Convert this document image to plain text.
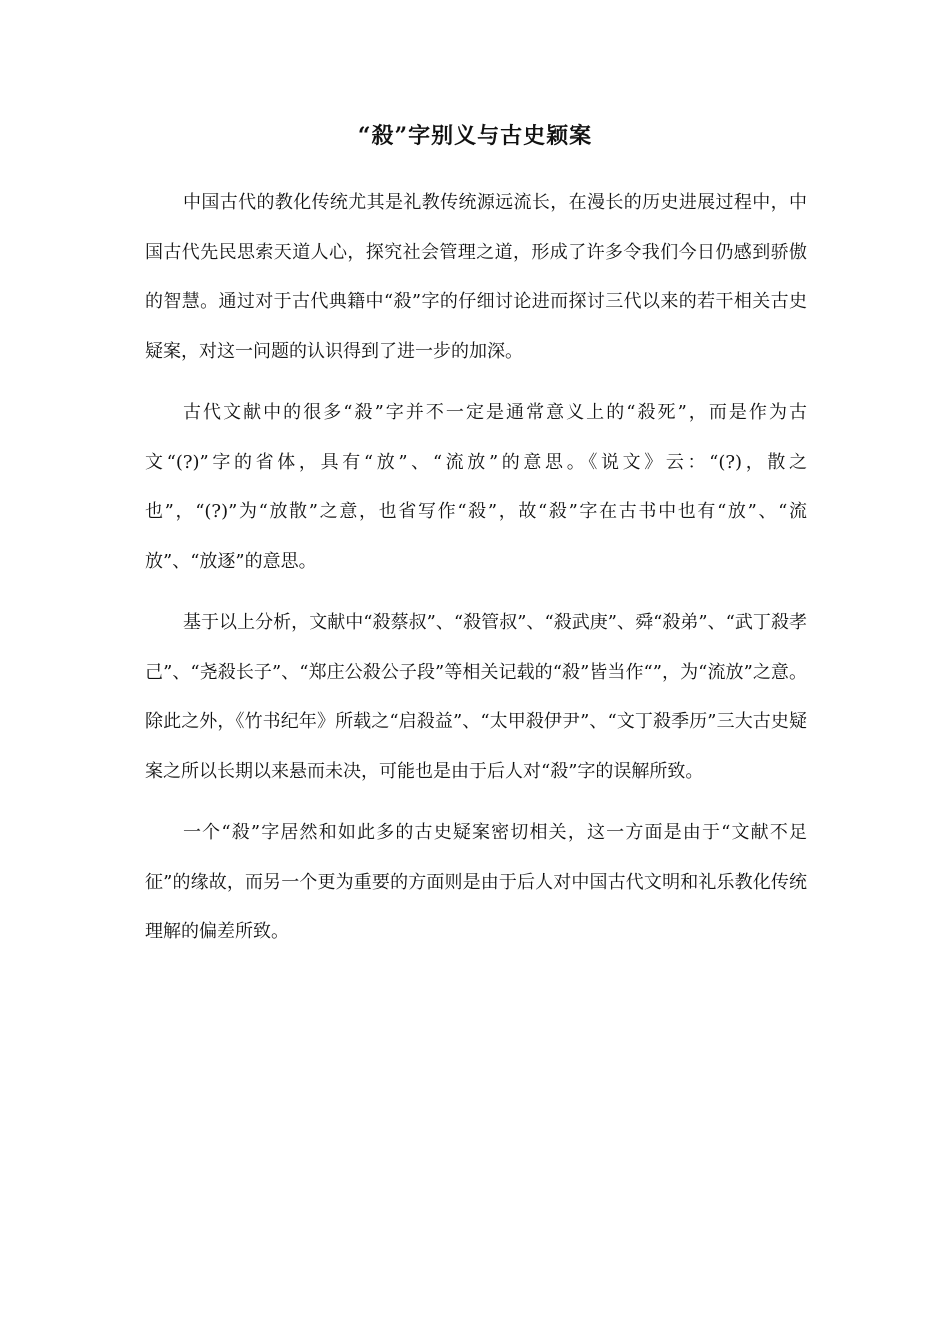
“殺”字别义与古史颖案

中国古代的教化传统尤其是礼教传统源远流长，在漫长的历史进展过程中，中国古代先民思索天道人心，探究社会管理之道，形成了许多令我们今日仍感到骄傲的智慧。通过对于古代典籍中“殺”字的仔细讨论进而探讨三代以来的若干相关古史疑案，对这一问题的认识得到了进一步的加深。

古代文献中的很多“殺”字并不一定是通常意义上的“殺死”，而是作为古文“(?)”字的省体，具有“放”、“流放”的意思。《说文》云：“(?)，散之也”，“(?)”为“放散”之意，也省写作“殺”，故“殺”字在古书中也有“放”、“流放”、“放逐”的意思。

基于以上分析，文献中“殺蔡叔”、“殺管叔”、“殺武庚”、舜“殺弟”、“武丁殺孝己”、“尧殺长子”、“郑庄公殺公子段”等相关记载的“殺”皆当作“”，为“流放”之意。除此之外，《竹书纪年》所载之“启殺益”、“太甲殺伊尹”、“文丁殺季历”三大古史疑案之所以长期以来悬而未决，可能也是由于后人对“殺”字的误解所致。

一个“殺”字居然和如此多的古史疑案密切相关，这一方面是由于“文献不足征”的缘故，而另一个更为重要的方面则是由于后人对中国古代文明和礼乐教化传统理解的偏差所致。
